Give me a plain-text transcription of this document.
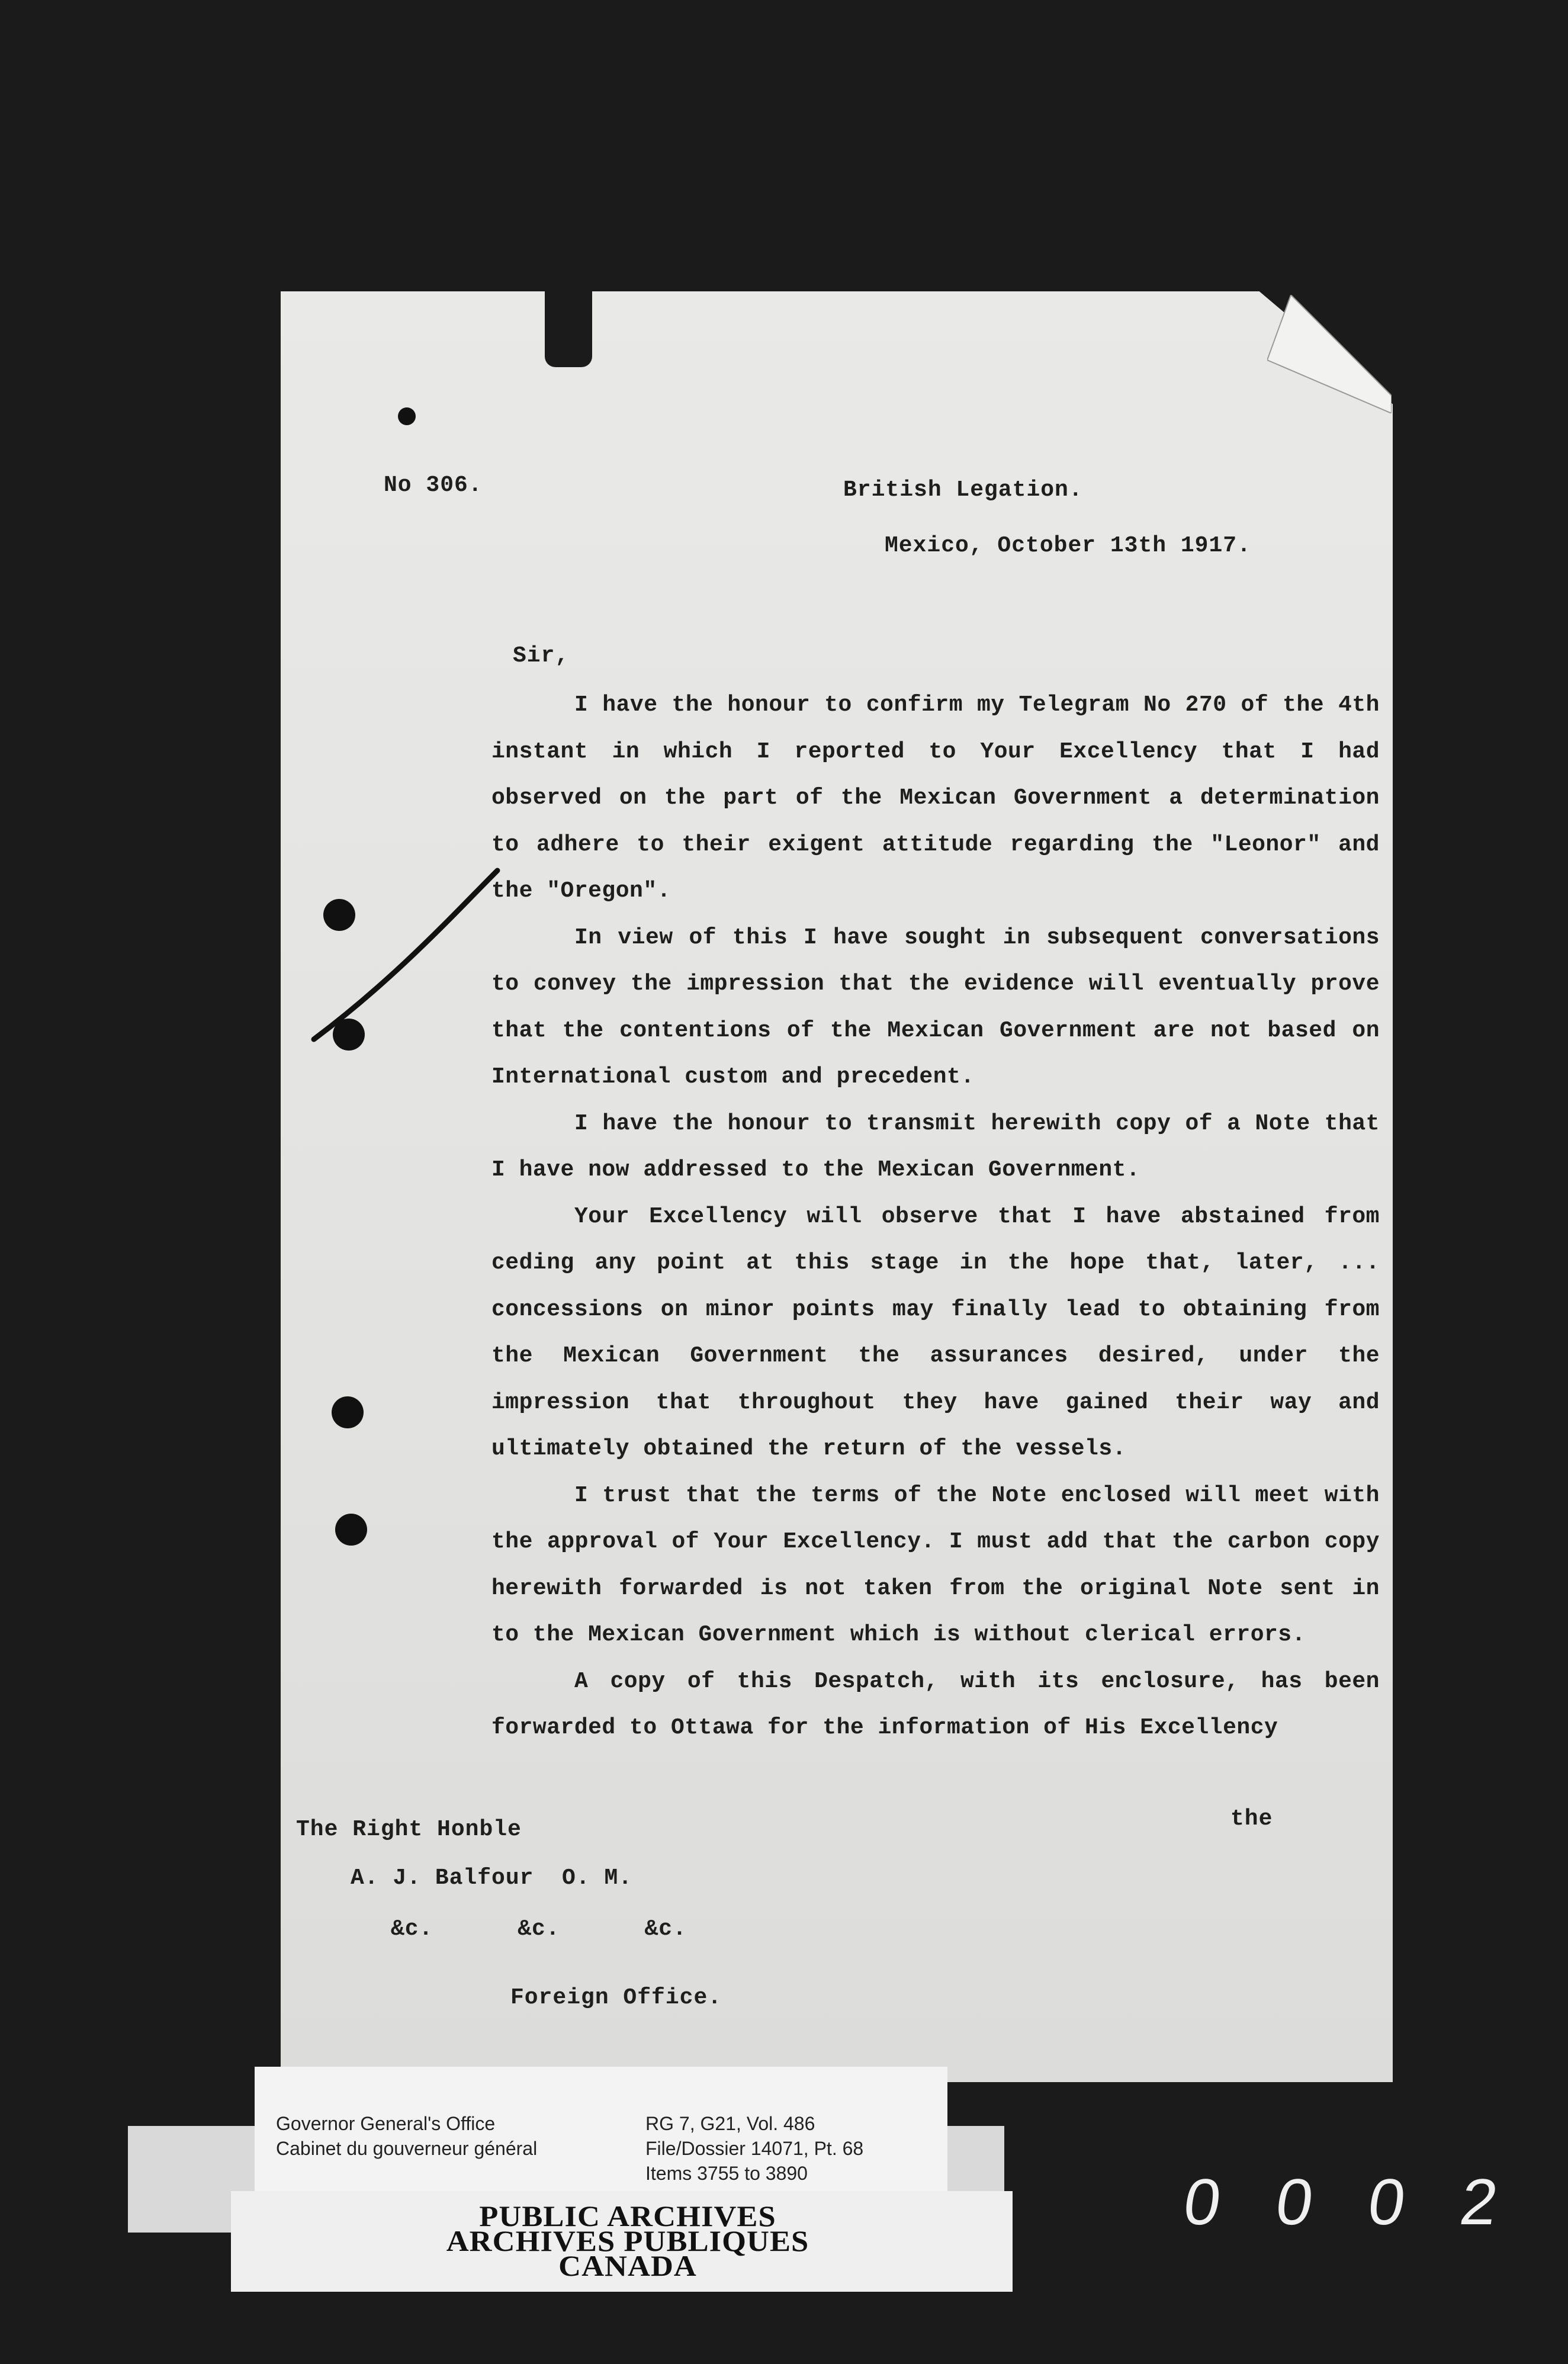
No 306.	British Legation.
Mexico, October 13th 1917.
Sir,

I have the honour to confirm my Telegram No 270 of the 4th instant in which I reported to Your Excellency that I had observed on the part of the Mexican Government a determination to adhere to their exigent attitude regarding the "Leonor" and the "Oregon".

In view of this I have sought in subsequent conversations to convey the impression that the evidence will eventually prove that the contentions of the Mexican Government are not based on International custom and precedent.

I have the honour to transmit herewith copy of a Note that I have now addressed to the Mexican Government.

Your Excellency will observe that I have abstained from ceding any point at this stage in the hope that, later, ... concessions on minor points may finally lead to obtaining from the Mexican Government the assurances desired, under the impression that throughout they have gained their way and ultimately obtained the return of the vessels.

I trust that the terms of the Note enclosed will meet with the approval of Your Excellency. I must add that the carbon copy herewith forwarded is not taken from the original Note sent in to the Mexican Government which is without clerical errors.

A copy of this Despatch, with its enclosure, has been forwarded to Ottawa for the information of His Excellency

the
The Right Honble
A. J. Balfour  O. M.
&c.      &c.      &c.
Foreign Office.
Governor General's Office
Cabinet du gouverneur général
RG 7, G21, Vol. 486
File/Dossier 14071, Pt. 68
Items 3755 to 3890
PUBLIC ARCHIVES
ARCHIVES PUBLIQUES
CANADA
0 0 0 2
